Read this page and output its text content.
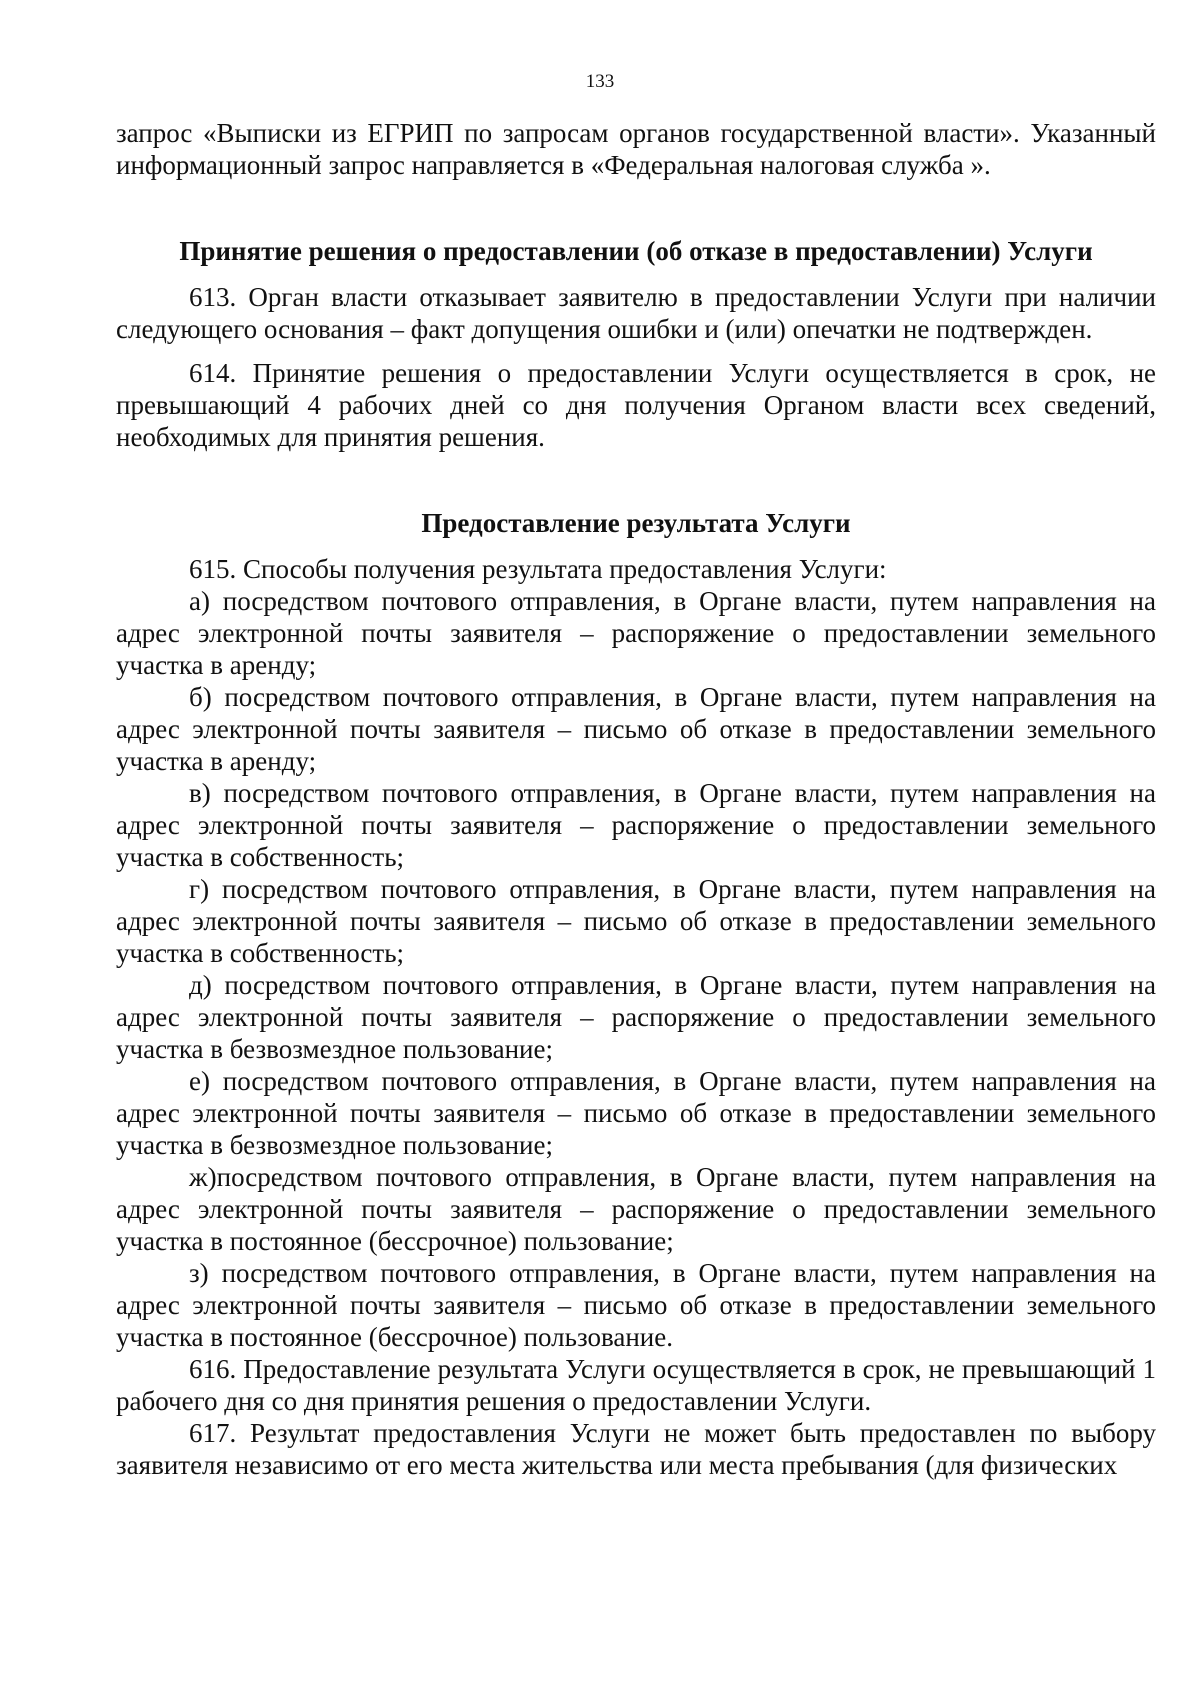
133

запрос «Выписки из ЕГРИП по запросам органов государственной власти». Указанный информационный запрос направляется в «Федеральная налоговая служба ».

Принятие решения о предоставлении (об отказе в предоставлении) Услуги

613. Орган власти отказывает заявителю в предоставлении Услуги при наличии следующего основания – факт допущения ошибки и (или) опечатки не подтвержден.

614. Принятие решения о предоставлении Услуги осуществляется в срок, не превышающий 4 рабочих дней со дня получения Органом власти всех сведений, необходимых для принятия решения.

Предоставление результата Услуги

615. Способы получения результата предоставления Услуги:

а) посредством почтового отправления, в Органе власти, путем направления на адрес электронной почты заявителя – распоряжение о предоставлении земельного участка в аренду;

б) посредством почтового отправления, в Органе власти, путем направления на адрес электронной почты заявителя – письмо об отказе в предоставлении земельного участка в аренду;

в) посредством почтового отправления, в Органе власти, путем направления на адрес электронной почты заявителя – распоряжение о предоставлении земельного участка в собственность;

г) посредством почтового отправления, в Органе власти, путем направления на адрес электронной почты заявителя – письмо об отказе в предоставлении земельного участка в собственность;

д) посредством почтового отправления, в Органе власти, путем направления на адрес электронной почты заявителя – распоряжение о предоставлении земельного участка в безвозмездное пользование;

е) посредством почтового отправления, в Органе власти, путем направления на адрес электронной почты заявителя – письмо об отказе в предоставлении земельного участка в безвозмездное пользование;

ж)посредством почтового отправления, в Органе власти, путем направления на адрес электронной почты заявителя – распоряжение о предоставлении земельного участка в постоянное (бессрочное) пользование;

з) посредством почтового отправления, в Органе власти, путем направления на адрес электронной почты заявителя – письмо об отказе в предоставлении земельного участка в постоянное (бессрочное) пользование.

616. Предоставление результата Услуги осуществляется в срок, не превышающий 1 рабочего дня со дня принятия решения о предоставлении Услуги.

617. Результат предоставления Услуги не может быть предоставлен по выбору заявителя независимо от его места жительства или места пребывания (для физических
